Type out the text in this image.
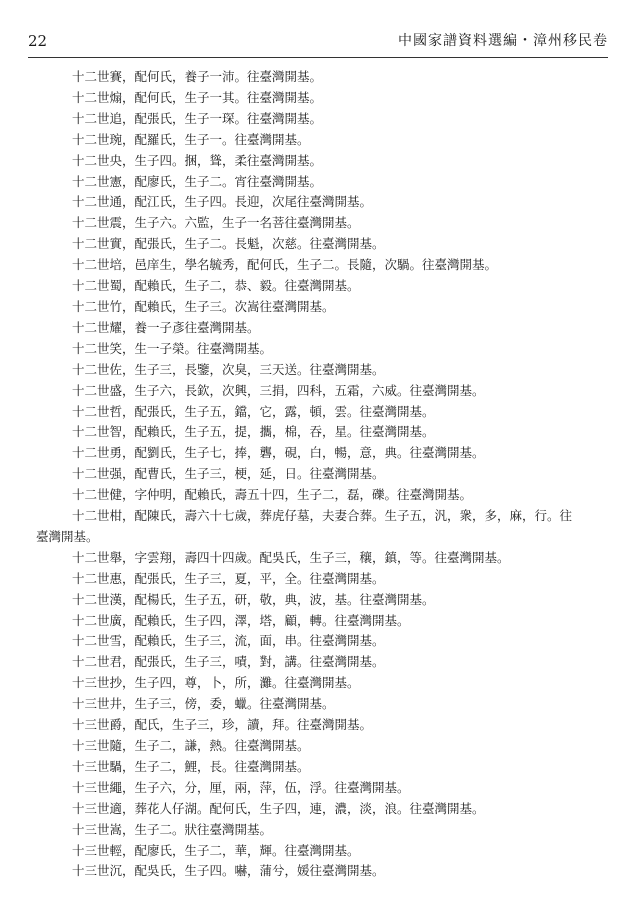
22	中國家譜資料選編・漳州移民卷

十二世賽，配何氏，養子一沛。往臺灣開基。

十二世煽，配何氏，生子一其。往臺灣開基。

十二世追，配張氏，生子一琛。往臺灣開基。

十二世琬，配羅氏，生子一。往臺灣開基。

十二世央，生子四。捆，聳，柔往臺灣開基。

十二世憲，配廖氏，生子二。宵往臺灣開基。

十二世通，配江氏，生子四。長迎，次尾往臺灣開基。

十二世震，生子六。六監，生子一名菩往臺灣開基。

十二世實，配張氏，生子二。長魁，次慈。往臺灣開基。

十二世培，邑庠生，學名毓秀，配何氏，生子二。長隨，次騧。往臺灣開基。

十二世蜀，配賴氏，生子二，恭、毅。往臺灣開基。

十二世竹，配賴氏，生子三。次嵩往臺灣開基。

十二世耀，養一子彥往臺灣開基。

十二世笑，生一子榮。往臺灣開基。

十二世佐，生子三，長鑒，次臭，三天送。往臺灣開基。

十二世盛，生子六，長欽，次興，三捐，四科，五霜，六威。往臺灣開基。

十二世哲，配張氏，生子五，鐺，它，露，頓，雲。往臺灣開基。

十二世智，配賴氏，生子五，提，攜，棉，吞，星。往臺灣開基。

十二世勇，配劉氏，生子七，捧，礱，硯，白，暢，意，典。往臺灣開基。

十二世强，配曹氏，生子三，梗，延，日。往臺灣開基。

十二世健，字仲明，配賴氏，壽五十四，生子二，磊，礫。往臺灣開基。

十二世柑，配陳氏，壽六十七歲，葬虎仔墓，夫妻合葬。生子五，汎，衆，多，麻，行。往臺灣開基。

十二世舉，字雲翔，壽四十四歲。配吳氏，生子三，穰，鎮，等。往臺灣開基。

十二世惠，配張氏，生子三，夏，平，全。往臺灣開基。

十二世漢，配楊氏，生子五，研，敬，典，波，基。往臺灣開基。

十二世廣，配賴氏，生子四，澤，塔，顧，轉。往臺灣開基。

十二世雪，配賴氏，生子三，流，面，串。往臺灣開基。

十二世君，配張氏，生子三，嘖，對，講。往臺灣開基。

十三世抄，生子四，尊，卜，所，灘。往臺灣開基。

十三世井，生子三，傍，委，蠟。往臺灣開基。

十三世爵，配氏，生子三，珍，讀，拜。往臺灣開基。

十三世隨，生子二，謙，熱。往臺灣開基。

十三世騧，生子二，鯉，長。往臺灣開基。

十三世繩，生子六，分，厘，兩，萍，伍，浮。往臺灣開基。

十三世適，葬花人仔湖。配何氏，生子四，連，濃，淡，浪。往臺灣開基。

十三世嵩，生子二。狀往臺灣開基。

十三世輕，配廖氏，生子二，華，輝。往臺灣開基。

十三世沉，配吳氏，生子四。嚇，蒲兮，媛往臺灣開基。
